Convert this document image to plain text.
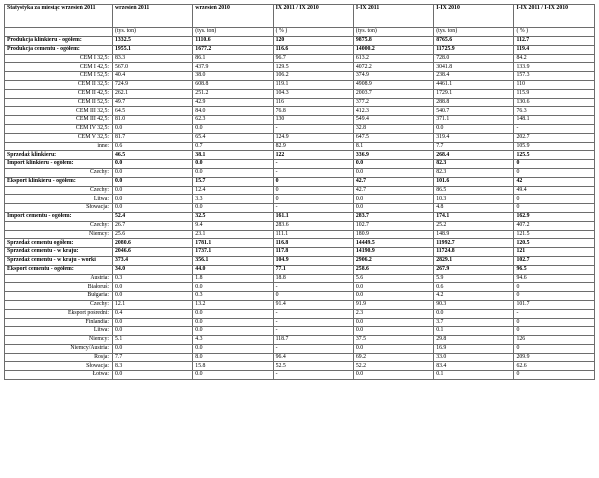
Statystyka za miesiąc wrzesień 2011	wrzesień 2011	wrzesień 2010	IX 2011 / IX 2010	I-IX 2011	I-IX 2010	I-IX 2011 / I-IX 2010
	(tys. ton)	(tys. ton)	( % )	(tys. ton)	(tys. ton)	( % )
Produkcja klinkieru - ogółem:	1332.5	1110.6	120	9875.8	8765.6	112.7
Produkcja cementu - ogółem:	1955.1	1677.2	116.6	14000.2	11725.9	119.4
CEM I 32,5:	83.3	86.1	96.7	613.2	728.0	84.2
CEM I 42,5:	567.0	437.9	129.5	4072.2	3041.8	133.9
CEM I 52,5:	40.4	38.0	106.2	374.9	238.4	157.3
CEM II 32,5:	724.9	608.8	119.1	4908.9	4461.1	110
CEM II 42,5:	262.1	251.2	104.3	2003.7	1729.1	115.9
CEM II 52,5:	49.7	42.9	116	377.2	288.8	130.6
CEM III 32,5:	64.5	84.0	76.8	412.3	540.7	76.3
CEM III 42,5:	81.0	62.3	130	549.4	371.1	148.1
CEM IV 32,5:	0.0	0.0	-	32.8	0.0	-
CEM V 32,5:	81.7	65.4	124.9	647.5	319.4	202.7
inne:	0.6	0.7	82.9	8.1	7.7	105.9
Sprzedaż klinkieru:	46.5	38.1	122	336.9	268.4	125.5
Import klinkieru - ogółem:	0.0	0.0	-	0.0	82.3	0
Czechy:	0.0	0.0	-	0.0	82.3	0
Eksport klinkieru - ogółem:	0.0	15.7	0	42.7	101.6	42
Czechy:	0.0	12.4	0	42.7	86.5	49.4
Litwa:	0.0	3.3	0	0.0	10.3	0
Słowacja:	0.0	0.0	-	0.0	4.8	0
Import cementu - ogółem:	52.4	32.5	161.1	283.7	174.1	162.9
Czechy:	26.7	9.4	283.6	102.7	25.2	407.2
Niemcy:	25.6	23.1	111.1	180.9	148.9	121.5
Sprzedaż cementu ogółem:	2080.6	1781.1	116.8	14449.5	11992.7	120.5
Sprzedaż cementu - w kraju:	2046.6	1737.1	117.8	14190.9	11724.8	121
Sprzedaż cementu - w kraju - workі	373.4	356.1	104.9	2906.2	2829.1	102.7
Eksport cementu - ogółem:	34.0	44.0	77.1	258.6	267.9	96.5
Austria:	0.3	1.8	18.8	5.6	5.9	94.6
Białoruś:	0.0	0.0	-	0.0	0.6	0
Bułgaria:	0.0	0.3	0	0.0	4.2	0
Czechy:	12.1	13.2	91.4	91.9	90.3	101.7
Eksport pośredni:	0.4	0.0	-	2.3	0.0	-
Finlandia:	0.0	0.0	-	0.0	3.7	0
Litwa:	0.0	0.0	-	0.0	0.1	0
Niemcy:	5.1	4.3	118.7	37.5	29.8	126
Niemcy/Austria:	0.0	0.0	-	0.0	16.9	0
Rosja:	7.7	8.0	96.4	69.2	33.0	209.9
Słowacja:	8.3	15.8	52.5	52.2	83.4	62.6
Łotwa:	0.0	0.0	-	0.0	0.1	0
